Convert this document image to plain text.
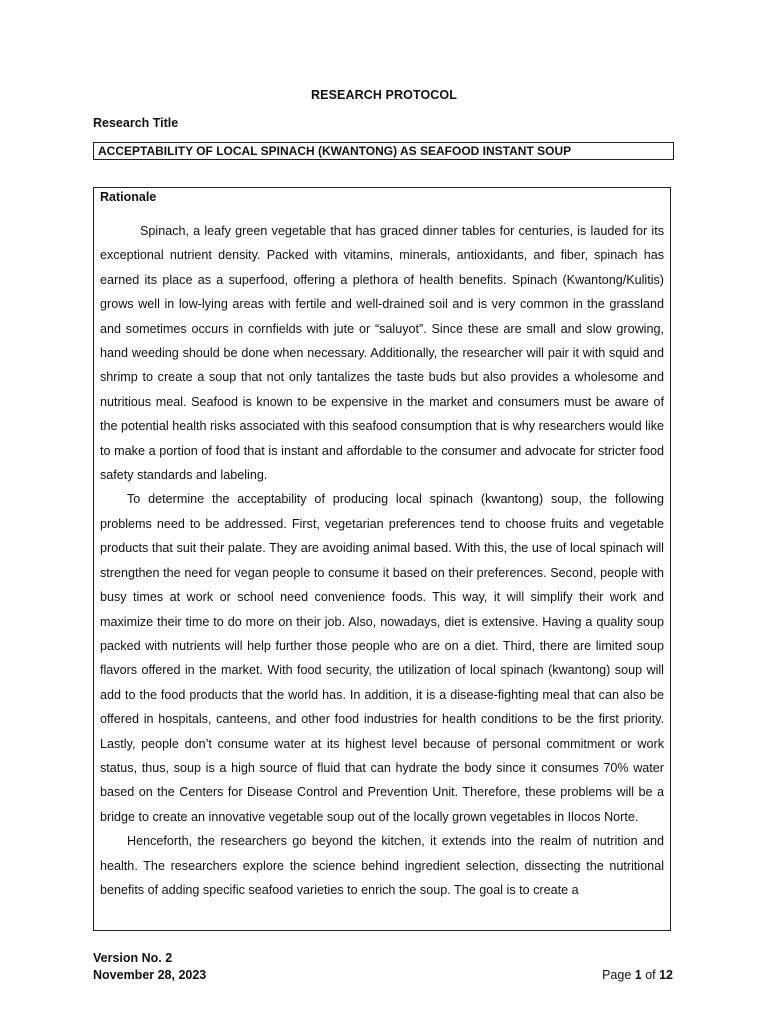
RESEARCH PROTOCOL
Research Title
ACCEPTABILITY OF LOCAL SPINACH (KWANTONG) AS SEAFOOD INSTANT SOUP
Rationale

Spinach, a leafy green vegetable that has graced dinner tables for centuries, is lauded for its exceptional nutrient density. Packed with vitamins, minerals, antioxidants, and fiber, spinach has earned its place as a superfood, offering a plethora of health benefits. Spinach (Kwantong/Kulitis) grows well in low-lying areas with fertile and well-drained soil and is very common in the grassland and sometimes occurs in cornfields with jute or “saluyot”. Since these are small and slow growing, hand weeding should be done when necessary. Additionally, the researcher will pair it with squid and shrimp to create a soup that not only tantalizes the taste buds but also provides a wholesome and nutritious meal. Seafood is known to be expensive in the market and consumers must be aware of the potential health risks associated with this seafood consumption that is why researchers would like to make a portion of food that is instant and affordable to the consumer and advocate for stricter food safety standards and labeling.

To determine the acceptability of producing local spinach (kwantong) soup, the following problems need to be addressed. First, vegetarian preferences tend to choose fruits and vegetable products that suit their palate. They are avoiding animal based. With this, the use of local spinach will strengthen the need for vegan people to consume it based on their preferences. Second, people with busy times at work or school need convenience foods. This way, it will simplify their work and maximize their time to do more on their job. Also, nowadays, diet is extensive. Having a quality soup packed with nutrients will help further those people who are on a diet. Third, there are limited soup flavors offered in the market. With food security, the utilization of local spinach (kwantong) soup will add to the food products that the world has. In addition, it is a disease-fighting meal that can also be offered in hospitals, canteens, and other food industries for health conditions to be the first priority. Lastly, people don’t consume water at its highest level because of personal commitment or work status, thus, soup is a high source of fluid that can hydrate the body since it consumes 70% water based on the Centers for Disease Control and Prevention Unit. Therefore, these problems will be a bridge to create an innovative vegetable soup out of the locally grown vegetables in Ilocos Norte.

Henceforth, the researchers go beyond the kitchen, it extends into the realm of nutrition and health. The researchers explore the science behind ingredient selection, dissecting the nutritional benefits of adding specific seafood varieties to enrich the soup. The goal is to create a

Version No. 2
November 28, 2023	Page 1 of 12
